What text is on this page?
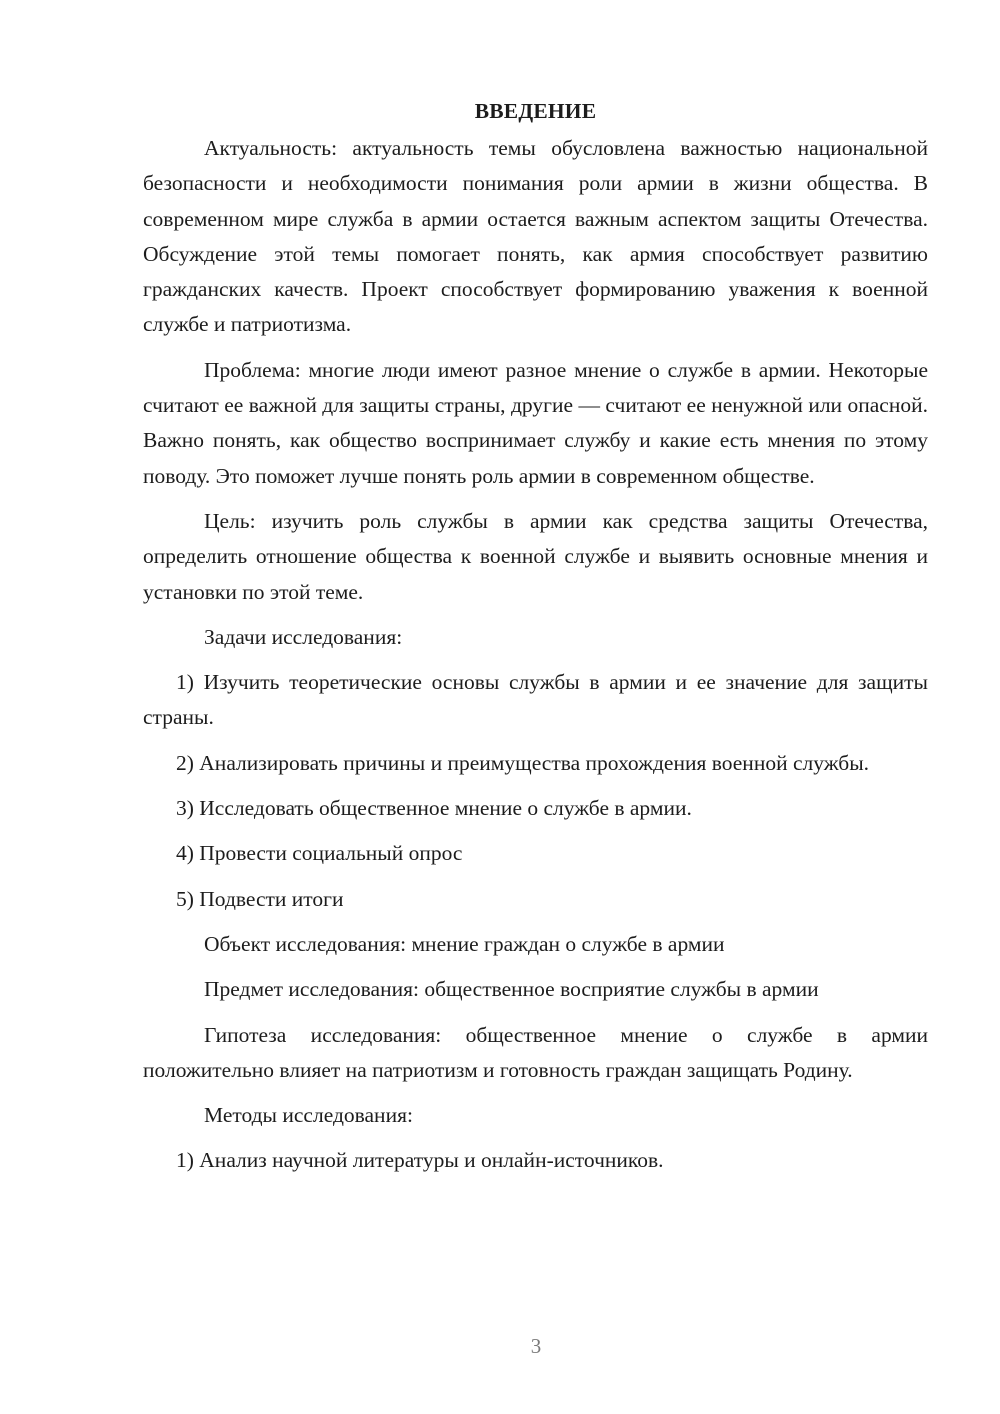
ВВЕДЕНИЕ

Актуальность: актуальность темы обусловлена важностью национальной безопасности и необходимости понимания роли армии в жизни общества. В современном мире служба в армии остается важным аспектом защиты Отечества. Обсуждение этой темы помогает понять, как армия способствует развитию гражданских качеств. Проект способствует формированию уважения к военной службе и патриотизма.

Проблема: многие люди имеют разное мнение о службе в армии. Некоторые считают ее важной для защиты страны, другие — считают ее ненужной или опасной. Важно понять, как общество воспринимает службу и какие есть мнения по этому поводу. Это поможет лучше понять роль армии в современном обществе.

Цель: изучить роль службы в армии как средства защиты Отечества, определить отношение общества к военной службе и выявить основные мнения и установки по этой теме.

Задачи исследования:

1) Изучить теоретические основы службы в армии и ее значение для защиты страны.

2) Анализировать причины и преимущества прохождения военной службы.

3) Исследовать общественное мнение о службе в армии.

4) Провести социальный опрос

5) Подвести итоги

Объект исследования: мнение граждан о службе в армии

Предмет исследования: общественное восприятие службы в армии

Гипотеза исследования: общественное мнение о службе в армии положительно влияет на патриотизм и готовность граждан защищать Родину.

Методы исследования:

1) Анализ научной литературы и онлайн-источников.

3
